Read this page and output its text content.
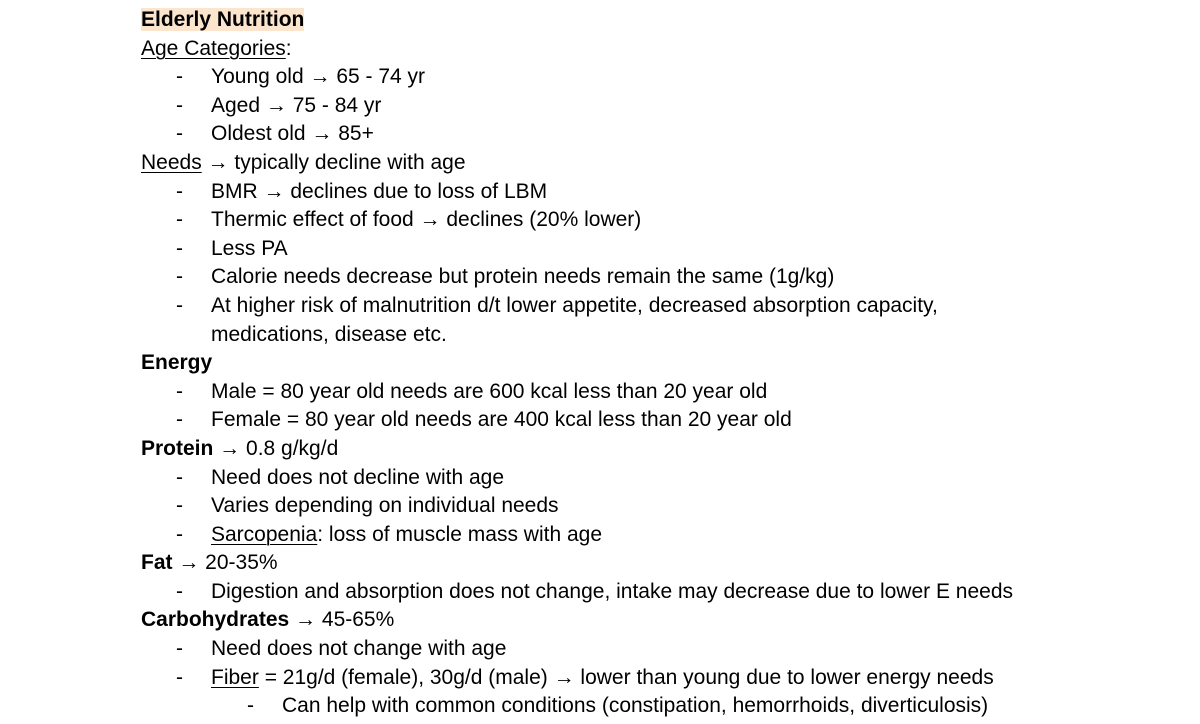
Elderly Nutrition
Age Categories:
- Young old → 65 - 74 yr
- Aged → 75 - 84 yr
- Oldest old → 85+
Needs → typically decline with age
- BMR → declines due to loss of LBM
- Thermic effect of food → declines (20% lower)
- Less PA
- Calorie needs decrease but protein needs remain the same (1g/kg)
- At higher risk of malnutrition d/t lower appetite, decreased absorption capacity,
medications, disease etc.
Energy
- Male = 80 year old needs are 600 kcal less than 20 year old
- Female = 80 year old needs are 400 kcal less than 20 year old
Protein → 0.8 g/kg/d
- Need does not decline with age
- Varies depending on individual needs
- Sarcopenia: loss of muscle mass with age
Fat → 20-35%
- Digestion and absorption does not change, intake may decrease due to lower E needs
Carbohydrates → 45-65%
- Need does not change with age
- Fiber = 21g/d (female), 30g/d (male) → lower than young due to lower energy needs
- Can help with common conditions (constipation, hemorrhoids, diverticulosis)
